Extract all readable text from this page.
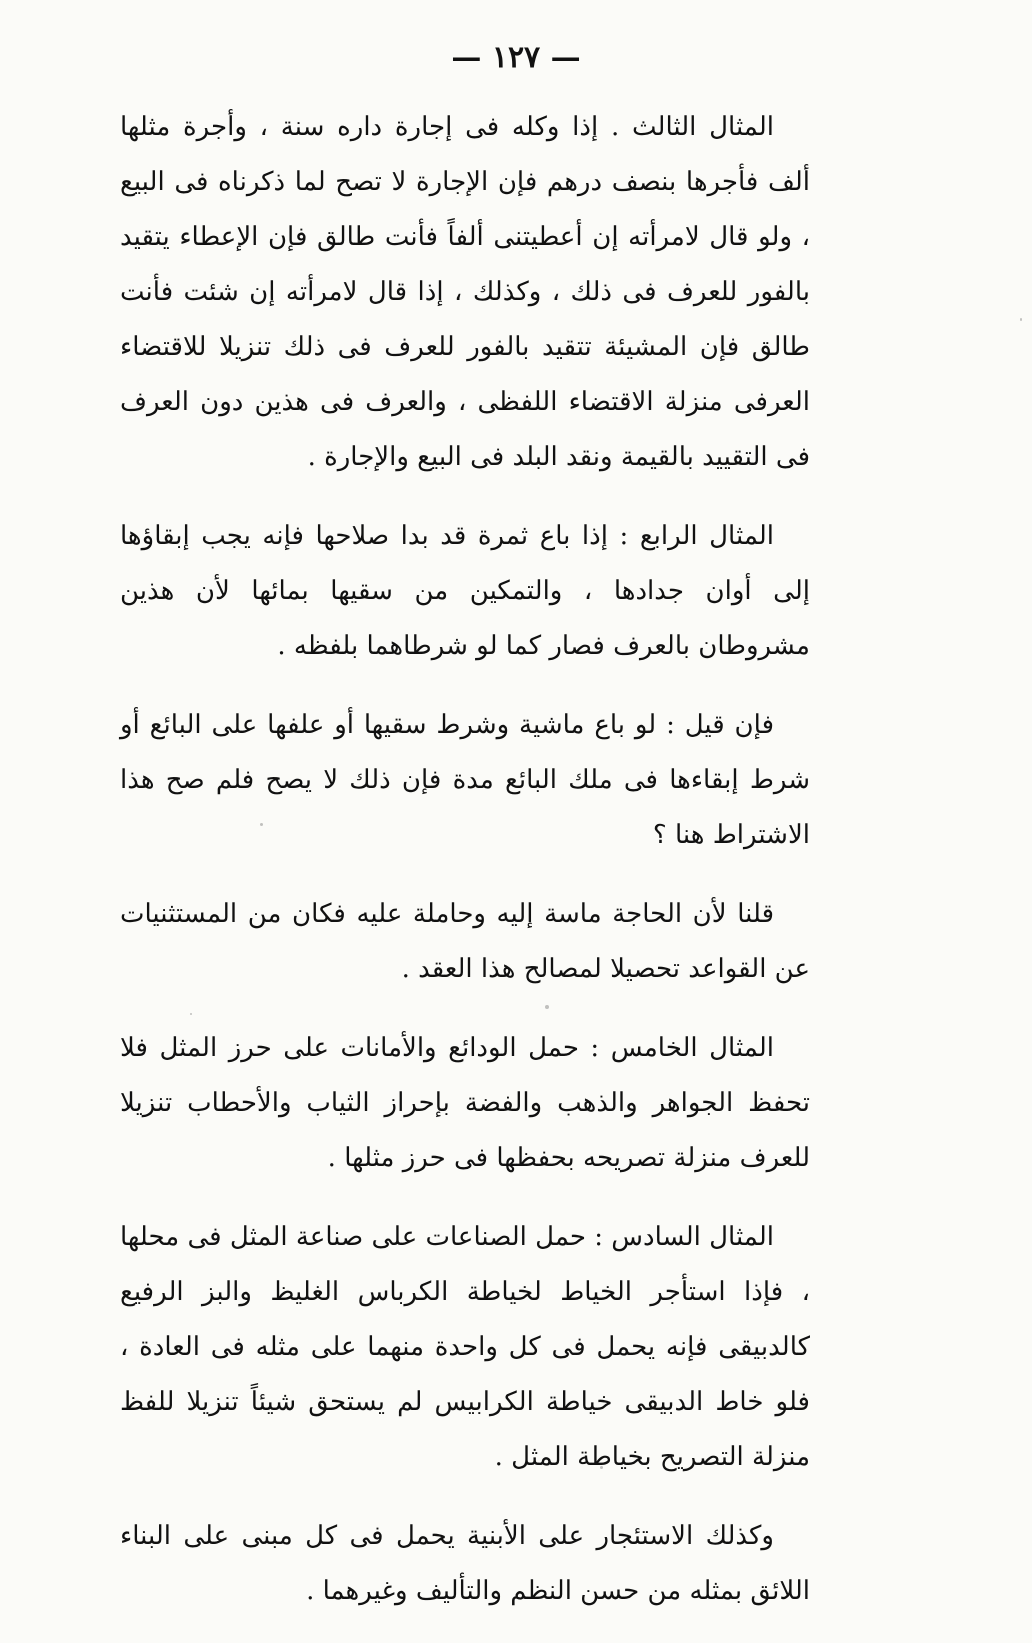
— ١٢٧ —

المثال الثالث . إذا وكله فى إجارة داره سنة ، وأجرة مثلها ألف فأجرها بنصف درهم فإن الإجارة لا تصح لما ذكرناه فى البيع ، ولو قال لامرأته إن أعطيتنى ألفاً فأنت طالق فإن الإعطاء يتقيد بالفور للعرف فى ذلك ، وكذلك ، إذا قال لامرأته إن شئت فأنت طالق فإن المشيئة تتقيد بالفور للعرف فى ذلك تنزيلا للاقتضاء العرفى منزلة الاقتضاء اللفظى ، والعرف فى هذين دون العرف فى التقييد بالقيمة ونقد البلد فى البيع والإجارة .

المثال الرابع : إذا باع ثمرة قد بدا صلاحها فإنه يجب إبقاؤها إلى أوان جدادها ، والتمكين من سقيها بمائها لأن هذين مشروطان بالعرف فصار كما لو شرطاهما بلفظه .

فإن قيل : لو باع ماشية وشرط سقيها أو علفها على البائع أو شرط إبقاءها فى ملك البائع مدة فإن ذلك لا يصح فلم صح هذا الاشتراط هنا ؟

قلنا لأن الحاجة ماسة إليه وحاملة عليه فكان من المستثنيات عن القواعد تحصيلا لمصالح هذا العقد .

المثال الخامس : حمل الودائع والأمانات على حرز المثل فلا تحفظ الجواهر والذهب والفضة بإحراز الثياب والأحطاب تنزيلا للعرف منزلة تصريحه بحفظها فى حرز مثلها .

المثال السادس : حمل الصناعات على صناعة المثل فى محلها ، فإذا استأجر الخياط لخياطة الكرباس الغليظ والبز الرفيع كالدبيقى فإنه يحمل فى كل واحدة منهما على مثله فى العادة ، فلو خاط الدبيقى خياطة الكرابيس لم يستحق شيئاً تنزيلا للفظ منزلة التصريح بخياطة المثل .

وكذلك الاستئجار على الأبنية يحمل فى كل مبنى على البناء اللائق بمثله من حسن النظم والتأليف وغيرهما .
